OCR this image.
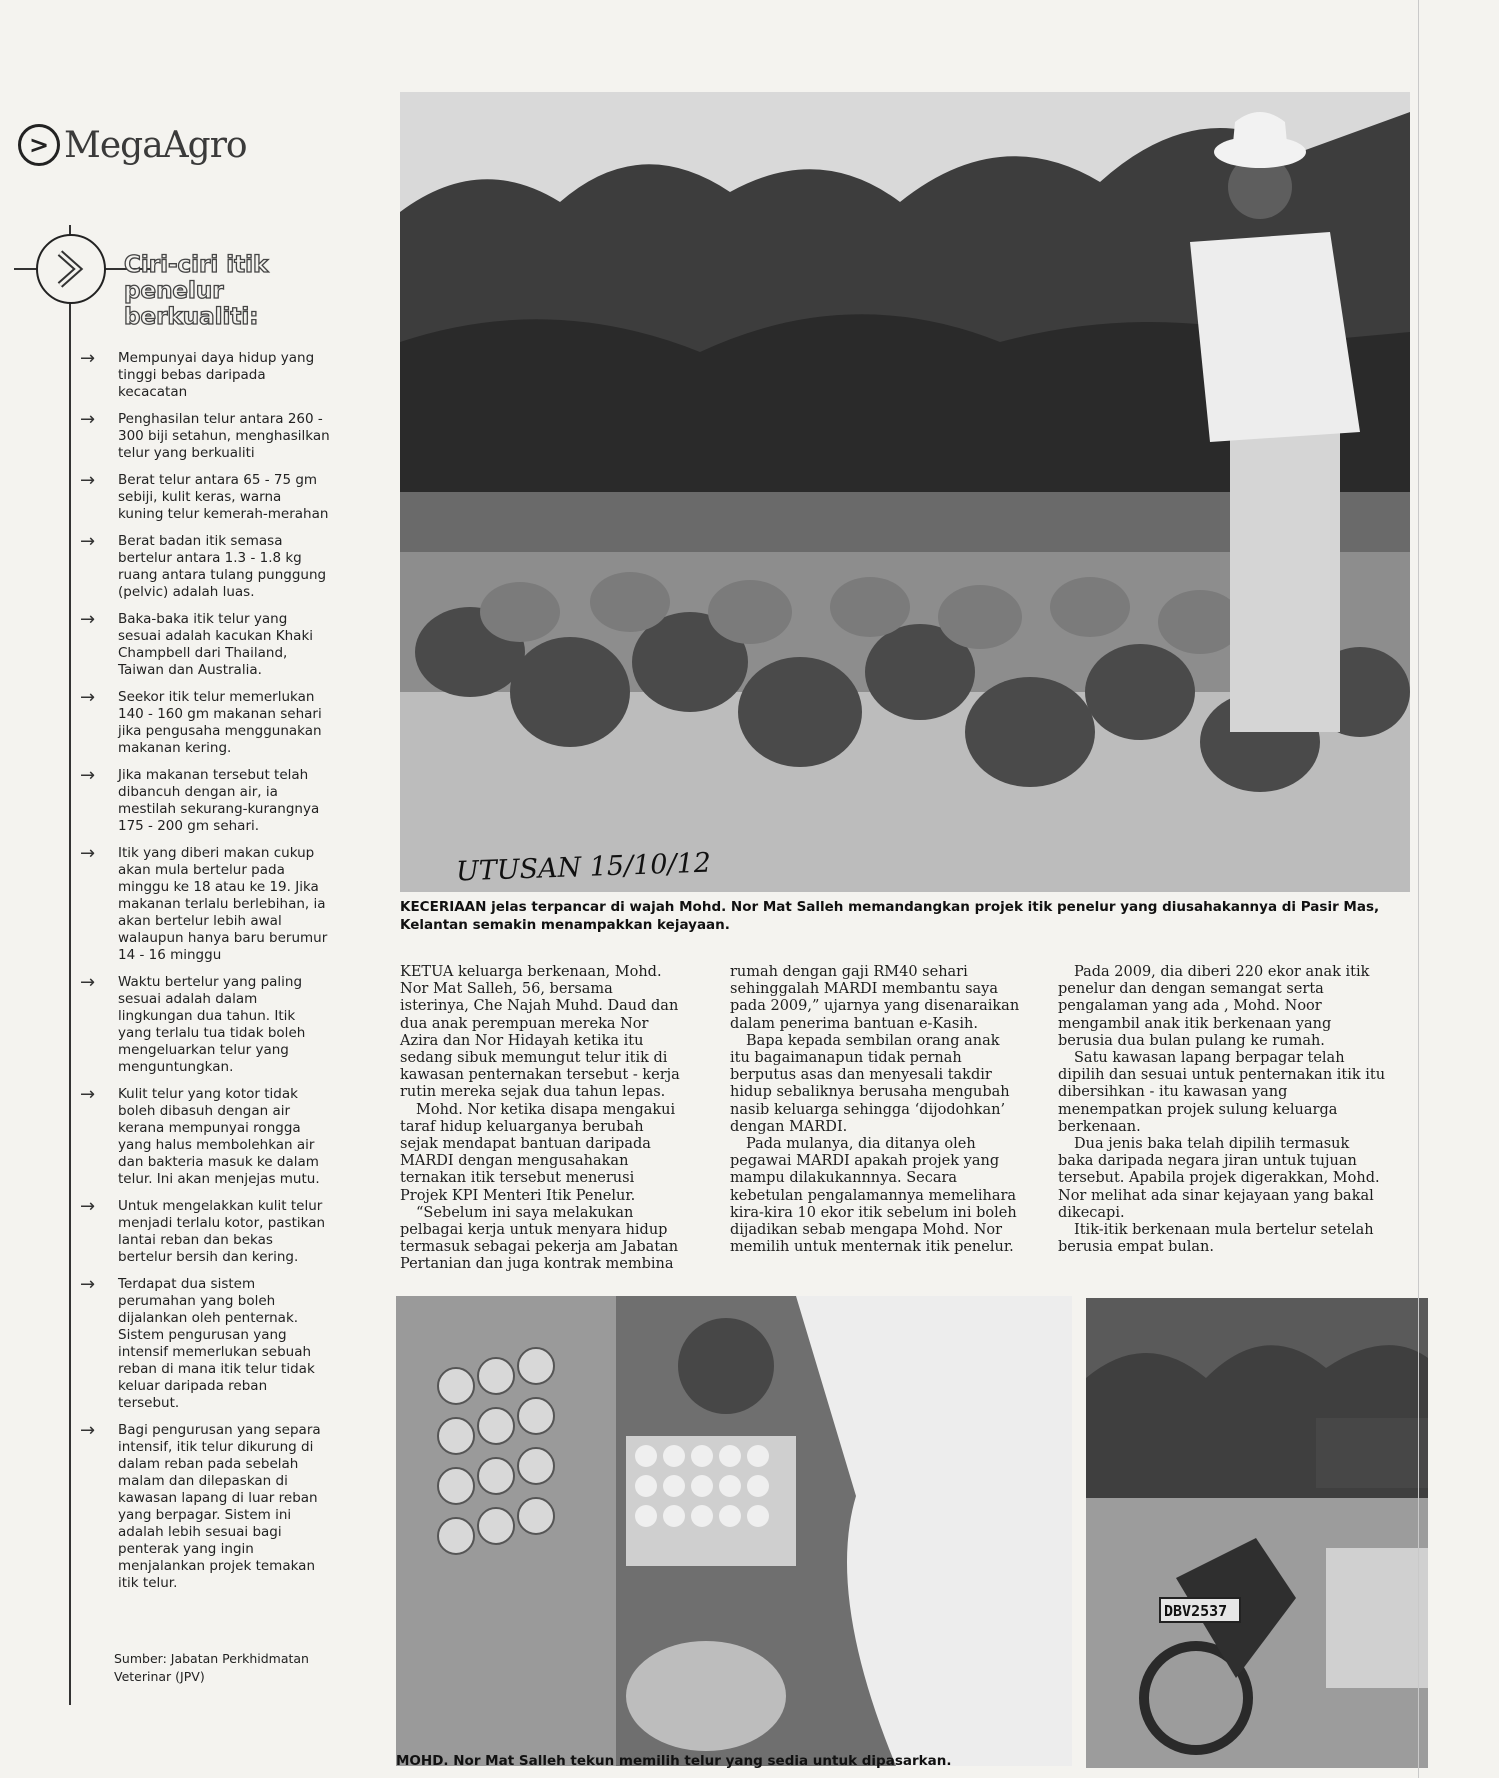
> MegaAgro
Ciri-ciri itik
penelur
berkualiti:
→	Mempunyai daya hidup yang tinggi bebas daripada kecacatan
→	Penghasilan telur antara 260 - 300 biji setahun, menghasilkan telur yang berkualiti
→	Berat telur antara 65 - 75 gm sebiji, kulit keras, warna kuning telur kemerah-merahan
→	Berat badan itik semasa bertelur antara 1.3 - 1.8 kg ruang antara tulang punggung (pelvic) adalah luas.
→	Baka-baka itik telur yang sesuai adalah kacukan Khaki Champbell dari Thailand, Taiwan dan Australia.
→	Seekor itik telur memerlukan 140 - 160 gm makanan sehari jika pengusaha menggunakan makanan kering.
→	Jika makanan tersebut telah dibancuh dengan air, ia mestilah sekurang-kurangnya 175 - 200 gm sehari.
→	Itik yang diberi makan cukup akan mula bertelur pada minggu ke 18 atau ke 19. Jika makanan terlalu berlebihan, ia akan bertelur lebih awal walaupun hanya baru berumur 14 - 16 minggu
→	Waktu bertelur yang paling sesuai adalah dalam lingkungan dua tahun. Itik yang terlalu tua tidak boleh mengeluarkan telur yang menguntungkan.
→	Kulit telur yang kotor tidak boleh dibasuh dengan air kerana mempunyai rongga yang halus membolehkan air dan bakteria masuk ke dalam telur. Ini akan menjejas mutu.
→	Untuk mengelakkan kulit telur menjadi terlalu kotor, pastikan lantai reban dan bekas bertelur bersih dan kering.
→	Terdapat dua sistem perumahan yang boleh dijalankan oleh penternak. Sistem pengurusan yang intensif memerlukan sebuah reban di mana itik telur tidak keluar daripada reban tersebut.
→	Bagi pengurusan yang separa intensif, itik telur dikurung di dalam reban pada sebelah malam dan dilepaskan di kawasan lapang di luar reban yang berpagar. Sistem ini adalah lebih sesuai bagi penterak yang ingin menjalankan projek temakan itik telur.
Sumber: Jabatan Perkhidmatan Veterinar (JPV)
UTUSAN 15/10/12
KECERIAAN jelas terpancar di wajah Mohd. Nor Mat Salleh memandangkan projek itik penelur yang diusahakannya di Pasir Mas, Kelantan semakin menampakkan kejayaan.

KETUA keluarga berkenaan, Mohd. Nor Mat Salleh, 56, bersama isterinya, Che Najah Muhd. Daud dan dua anak perempuan mereka Nor Azira dan Nor Hidayah ketika itu sedang sibuk memungut telur itik di kawasan penternakan tersebut - kerja rutin mereka sejak dua tahun lepas.

Mohd. Nor ketika disapa mengakui taraf hidup keluarganya berubah sejak mendapat bantuan daripada MARDI dengan mengusahakan ternakan itik tersebut menerusi Projek KPI Menteri Itik Penelur.

“Sebelum ini saya melakukan pelbagai kerja untuk menyara hidup termasuk sebagai pekerja am Jabatan Pertanian dan juga kontrak membina

rumah dengan gaji RM40 sehari sehinggalah MARDI membantu saya pada 2009,” ujarnya yang disenaraikan dalam penerima bantuan e-Kasih.

Bapa kepada sembilan orang anak itu bagaimanapun tidak pernah berputus asas dan menyesali takdir hidup sebaliknya berusaha mengubah nasib keluarga sehingga ‘dijodohkan’ dengan MARDI.

Pada mulanya, dia ditanya oleh pegawai MARDI apakah projek yang mampu dilakukannnya. Secara kebetulan pengalamannya memelihara kira-kira 10 ekor itik sebelum ini boleh dijadikan sebab mengapa Mohd. Nor memilih untuk menternak itik penelur.

Pada 2009, dia diberi 220 ekor anak itik penelur dan dengan semangat serta pengalaman yang ada , Mohd. Noor mengambil anak itik berkenaan yang berusia dua bulan pulang ke rumah.

Satu kawasan lapang berpagar telah dipilih dan sesuai untuk penternakan itik itu dibersihkan - itu kawasan yang menempatkan projek sulung keluarga berkenaan.

Dua jenis baka telah dipilih termasuk baka daripada negara jiran untuk tujuan tersebut. Apabila projek digerakkan, Mohd. Nor melihat ada sinar kejayaan yang bakal dikecapi.

Itik-itik berkenaan mula bertelur setelah berusia empat bulan.

MOHD. Nor Mat Salleh tekun memilih telur yang sedia untuk dipasarkan.
DBV2537
